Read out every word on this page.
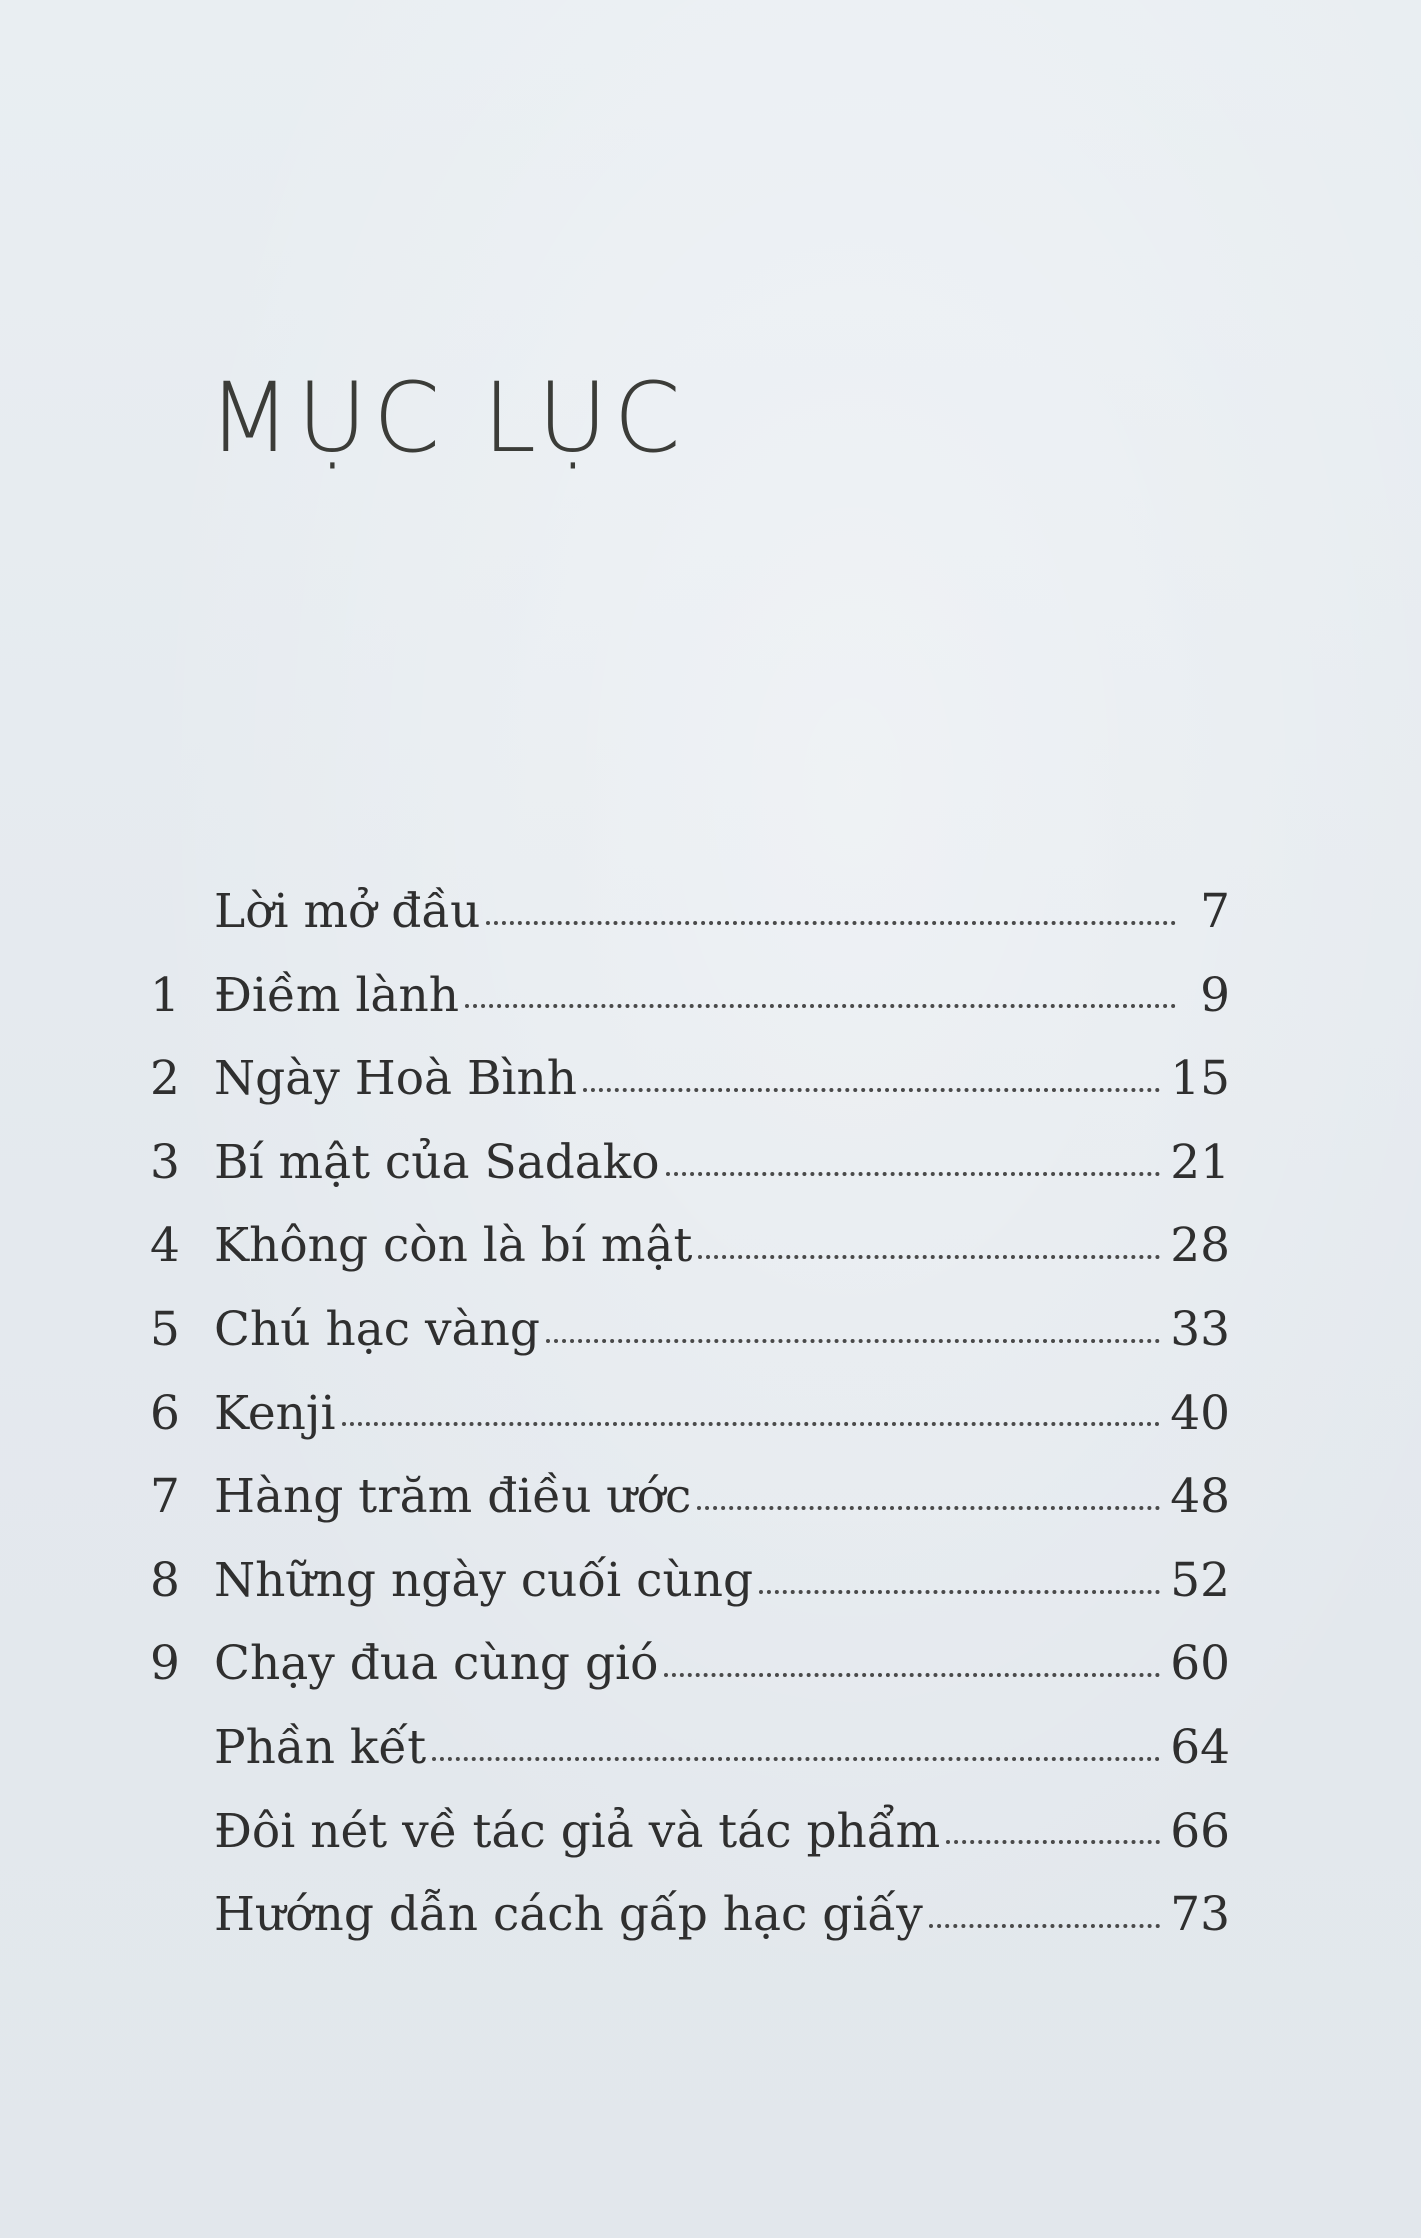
MỤC LỤC
Lời mở đầu	7
1 Điềm lành	9
2 Ngày Hoà Bình	15
3 Bí mật của Sadako	21
4 Không còn là bí mật	28
5 Chú hạc vàng	33
6 Kenji	40
7 Hàng trăm điều ước	48
8 Những ngày cuối cùng	52
9 Chạy đua cùng gió	60
Phần kết	64
Đôi nét về tác giả và tác phẩm	66
Hướng dẫn cách gấp hạc giấy	73
